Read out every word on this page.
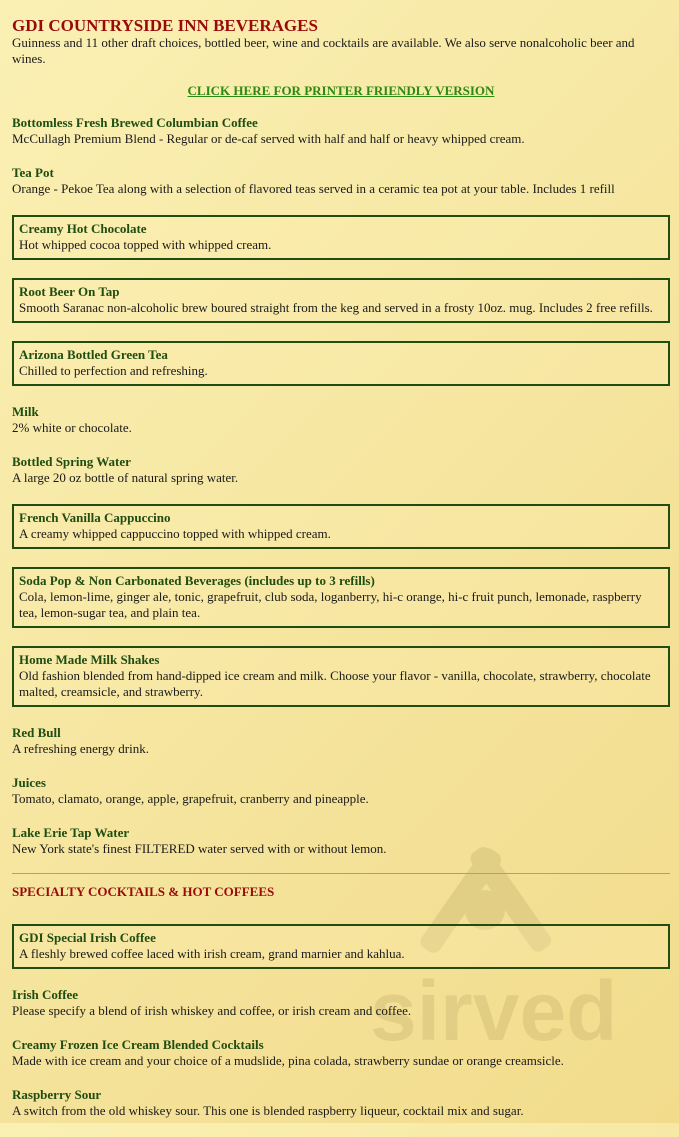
sirved
GDI COUNTRYSIDE INN BEVERAGES

Guinness and 11 other draft choices, bottled beer, wine and cocktails are available. We also serve nonalcoholic beer and wines.

CLICK HERE FOR PRINTER FRIENDLY VERSION
Bottomless Fresh Brewed Columbian Coffee
McCullagh Premium Blend - Regular or de-caf served with half and half or heavy whipped cream.
Tea Pot
Orange - Pekoe Tea along with a selection of flavored teas served in a ceramic tea pot at your table. Includes 1 refill
Creamy Hot Chocolate
Hot whipped cocoa topped with whipped cream.
Root Beer On Tap
Smooth Saranac non-alcoholic brew boured straight from the keg and served in a frosty 10oz. mug. Includes 2 free refills.
Arizona Bottled Green Tea
Chilled to perfection and refreshing.
Milk
2% white or chocolate.
Bottled Spring Water
A large 20 oz bottle of natural spring water.
French Vanilla Cappuccino
A creamy whipped cappuccino topped with whipped cream.
Soda Pop & Non Carbonated Beverages (includes up to 3 refills)
Cola, lemon-lime, ginger ale, tonic, grapefruit, club soda, loganberry, hi-c orange, hi-c fruit punch, lemonade, raspberry tea, lemon-sugar tea, and plain tea.
Home Made Milk Shakes
Old fashion blended from hand-dipped ice cream and milk. Choose your flavor - vanilla, chocolate, strawberry, chocolate malted, creamsicle, and strawberry.
Red Bull
A refreshing energy drink.
Juices
Tomato, clamato, orange, apple, grapefruit, cranberry and pineapple.
Lake Erie Tap Water
New York state's finest FILTERED water served with or without lemon.
SPECIALTY COCKTAILS & HOT COFFEES
GDI Special Irish Coffee
A fleshly brewed coffee laced with irish cream, grand marnier and kahlua.
Irish Coffee
Please specify a blend of irish whiskey and coffee, or irish cream and coffee.
Creamy Frozen Ice Cream Blended Cocktails
Made with ice cream and your choice of a mudslide, pina colada, strawberry sundae or orange creamsicle.
Raspberry Sour
A switch from the old whiskey sour. This one is blended raspberry liqueur, cocktail mix and sugar.
